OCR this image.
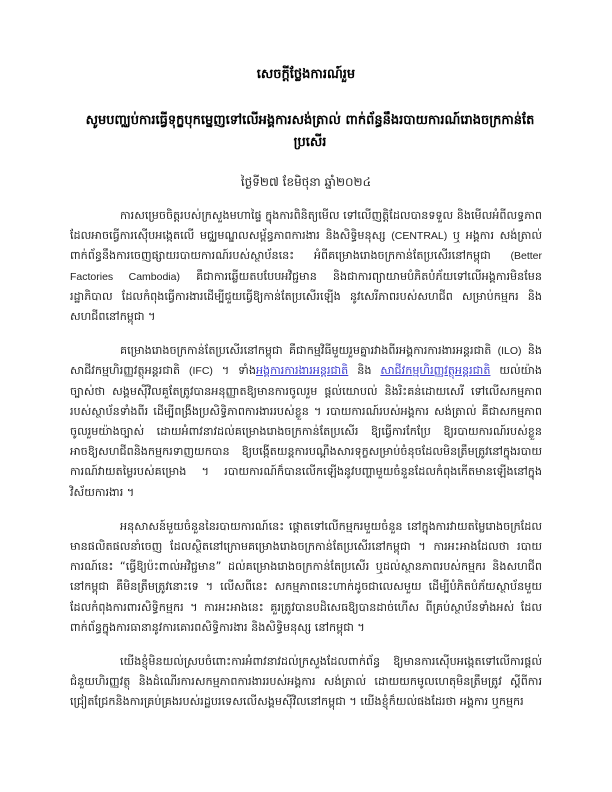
សេចក្ដីថ្លែងការណ៍រួម
សូមបញ្ឈប់ការធ្វើទុក្ខបុកម្នេញទៅលើអង្គការសង់ត្រាល់ ពាក់ព័ន្ធនឹងរបាយការណ៍រោងចក្រកាន់តែប្រសើរ
ថ្ងៃទី២៧ ខែមិថុនា ឆ្នាំ២០២៤

ការសម្រេចចិត្តរបស់ក្រសួងមហាផ្ទៃ ក្នុងការពិនិត្យមើល ទៅលើញត្តិដែលបានទទួល និងមើលអំពីលទ្ធភាពដែលអាចធ្វើការស៊ើបអង្កេតលើ មជ្ឈមណ្ឌលសម្ព័ន្ធភាពការងារ និងសិទ្ធិមនុស្ស (CENTRAL) ឬ អង្គការ សង់ត្រាល់ ពាក់ព័ន្ធនឹងការចេញផ្សាយរបាយការណ៍របស់ស្ថាប័ននេះ អំពីគម្រោងរោងចក្រកាន់តែប្រសើរនៅកម្ពុជា (Better Factories Cambodia) គឺជាការឆ្លើយតបបែបអវិជ្ជមាន និងជាការព្យាយាមបំភិតបំភ័យទៅលើអង្គការមិនមែនរដ្ឋាភិបាល ដែលកំពុងធ្វើការងារដើម្បីជួយធ្វើឱ្យកាន់តែប្រសើរឡើង នូវសេរីភាពរបស់សហជីព សម្រាប់កម្មករ និងសហជីពនៅកម្ពុជា ។

គម្រោងរោងចក្រកាន់តែប្រសើរនៅកម្ពុជា គឺជាកម្មវិធីមួយរួមគ្នារវាងពីរអង្គការការងារអន្តរជាតិ (ILO) និងសាជីវកម្មហិរញ្ញវត្ថុអន្តរជាតិ (IFC) ។ ទាំងអង្គការការងារអន្តរជាតិ និង សាជីវកម្មហិរញ្ញវត្ថុអន្តរជាតិ យល់យ៉ាងច្បាស់ថា សង្គមស៊ីវិលគួតែត្រូវបានអនុញ្ញាតឱ្យមានការចូលរួម ផ្ដល់យោបល់ និងរិះគន់ដោយសេរី ទៅលើសកម្មភាពរបស់ស្ថាប័នទាំងពីរ ដើម្បីពង្រឹងប្រសិទ្ធិភាពការងាររបស់ខ្លួន ។ របាយការណ៍របស់អង្គការ សង់ត្រាល់ គឺជាសកម្មភាពចូលរួមយ៉ាងច្បាស់ ដោយអំពាវនាវដល់គម្រោងរោងចក្រកាន់តែប្រសើរ ឱ្យធ្វើការកែប្រែ ឱ្យរបាយការណ៍របស់ខ្លួនអាចឱ្យសហជីពនិងកម្មករទាញយកបាន ឱ្យបង្កើតយន្តការបណ្ដឹងសារទុក្ខសម្រាប់ចំនុចដែលមិនត្រឹមត្រូវនៅក្នុងរបាយការណ៍វាយតម្លៃរបស់គម្រោង ។ របាយការណ៍ក៏បានលើកឡើងនូវបញ្ហាមួយចំនួនដែលកំពុងកើតមានឡើងនៅក្នុងវិស័យការងារ ។

អនុសាសន៍មួយចំនួននៃរបាយការណ៍នេះ ផ្ដោតទៅលើកម្មករមួយចំនួន នៅក្នុងការវាយតម្លៃរោងចក្រដែលមានផលិតផលនាំចេញ ដែលស្ថិតនៅក្រោមគម្រោងរោងចក្រកាន់តែប្រសើរនៅកម្ពុជា ។ ការអះអាងដែលថា របាយការណ៍នេះ “ធ្វើឱ្យប៉ះពាល់អវិជ្ជមាន” ដល់គម្រោងរោងចក្រកាន់តែប្រសើរ ឬដល់ស្ថានភាពរបស់កម្មករ និងសហជីពនៅកម្ពុជា គឺមិនត្រឹមត្រូវនោះទេ ។ លើសពីនេះ សកម្មភាពនេះហាក់ដូចជាលេសមួយ ដើម្បីបំភិតបំភ័យស្ថាប័នមួយដែលកំពុងការពារសិទ្ធិកម្មករ ។ ការអះអាងនេះ គួរត្រូវបានបដិសេធឱ្យបានដាច់ហើស ពីគ្រប់ស្ថាប័នទាំងអស់ ដែលពាក់ព័ន្ធក្នុងការធានានូវការគោរពសិទ្ធិការងារ និងសិទ្ធិមនុស្ស នៅកម្ពុជា ។

យើងខ្ញុំមិនយល់ស្របចំពោះការអំពាវនាវដល់ក្រសួងដែលពាក់ព័ន្ធ ឱ្យមានការស៊ើបអង្កេតទៅលើការផ្ដល់ជំនួយហិរញ្ញវត្ថុ និងដំណើរការសកម្មភាពការងាររបស់អង្គការ សង់ត្រាល់ ដោយយកមូលហេតុមិនត្រឹមត្រូវ ស្ដីពីការជ្រៀតជ្រែកនិងការគ្រប់គ្រងរបស់រដ្ឋបរទេសលើសង្គមស៊ីវិលនៅកម្ពុជា ។ យើងខ្ញុំក៏យល់ផងដែរថា អង្គការ ឬកម្មករ
